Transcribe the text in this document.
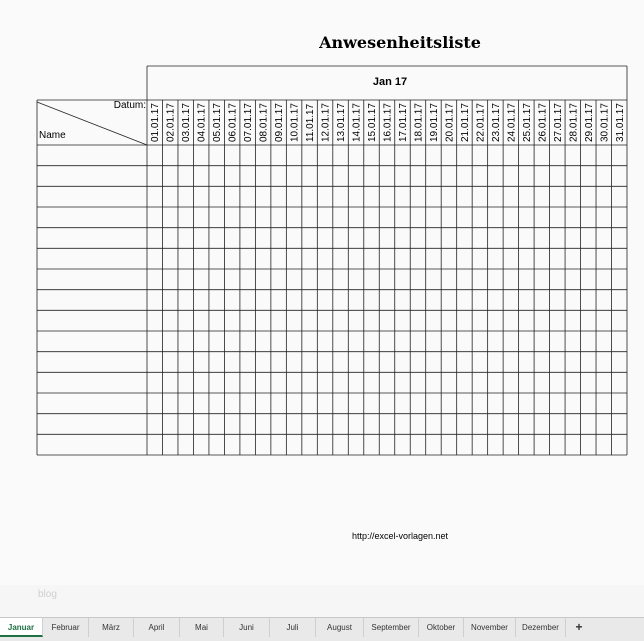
Anwesenheitsliste
01.01.17 02.01.17 03.01.17 04.01.17 05.01.17 06.01.17 07.01.17 08.01.17 09.01.17 10.01.17 11.01.17 12.01.17 13.01.17 14.01.17 15.01.17 16.01.17 17.01.17 18.01.17 19.01.17 20.01.17 21.01.17 22.01.17 23.01.17 24.01.17 25.01.17 26.01.17 27.01.17 28.01.17 29.01.17 30.01.17 31.01.17
Jan 17
Datum:
Name
http://excel-vorlagen.net
blog
Januar	Februar	März	April	Mai	Juni	Juli	August	September	Oktober	November	Dezember	+
